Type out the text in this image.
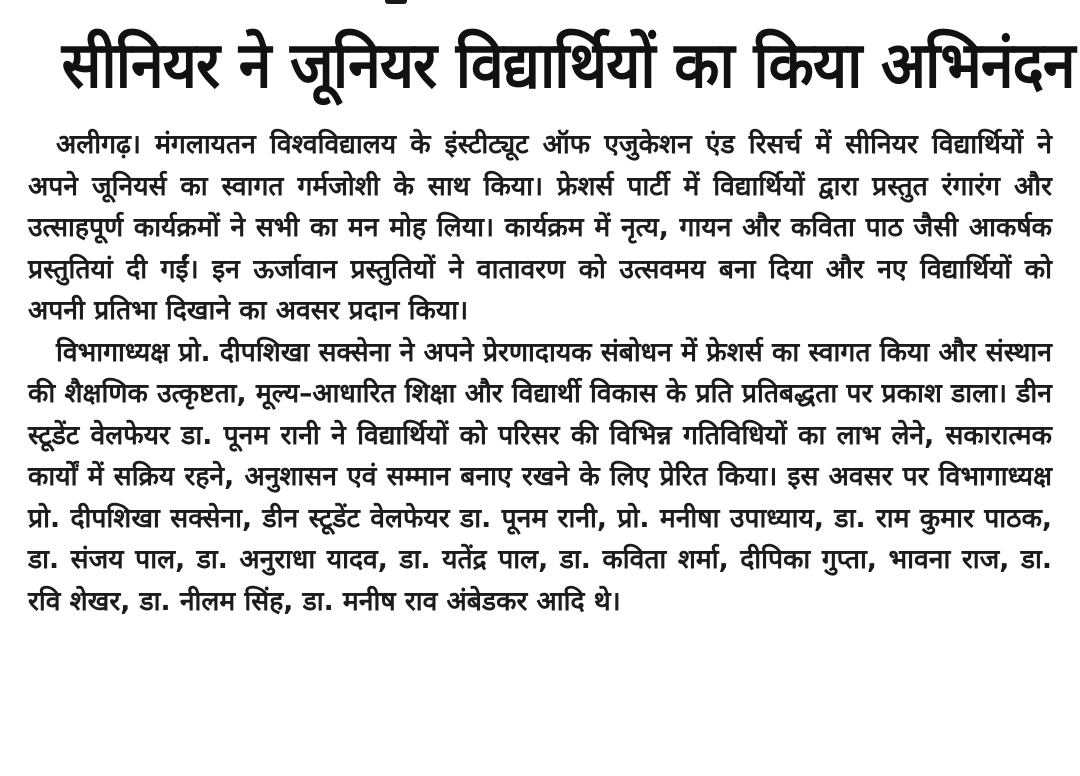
सीनियर ने जूनियर विद्यार्थियों का किया अभिनंदन

अलीगढ़। मंगलायतन विश्वविद्यालय के इंस्टीट्यूट ऑफ एजुकेशन एंड रिसर्च में सीनियर विद्यार्थियों ने अपने जूनियर्स का स्वागत गर्मजोशी के साथ किया। फ्रेशर्स पार्टी में विद्यार्थियों द्वारा प्रस्तुत रंगारंग और उत्साहपूर्ण कार्यक्रमों ने सभी का मन मोह लिया। कार्यक्रम में नृत्य, गायन और कविता पाठ जैसी आकर्षक प्रस्तुतियां दी गईं। इन ऊर्जावान प्रस्तुतियों ने वातावरण को उत्सवमय बना दिया और नए विद्यार्थियों को अपनी प्रतिभा दिखाने का अवसर प्रदान किया।

विभागाध्यक्ष प्रो. दीपशिखा सक्सेना ने अपने प्रेरणादायक संबोधन में फ्रेशर्स का स्वागत किया और संस्थान की शैक्षणिक उत्कृष्टता, मूल्य–आधारित शिक्षा और विद्यार्थी विकास के प्रति प्रतिबद्धता पर प्रकाश डाला। डीन स्टूडेंट वेलफेयर डा. पूनम रानी ने विद्यार्थियों को परिसर की विभिन्न गतिविधियों का लाभ लेने, सकारात्मक कार्यों में सक्रिय रहने, अनुशासन एवं सम्मान बनाए रखने के लिए प्रेरित किया। इस अवसर पर विभागाध्यक्ष प्रो. दीपशिखा सक्सेना, डीन स्टूडेंट वेलफेयर डा. पूनम रानी, प्रो. मनीषा उपाध्याय, डा. राम कुमार पाठक, डा. संजय पाल, डा. अनुराधा यादव, डा. यतेंद्र पाल, डा. कविता शर्मा, दीपिका गुप्ता, भावना राज, डा. रवि शेखर, डा. नीलम सिंह, डा. मनीष राव अंबेडकर आदि थे।
